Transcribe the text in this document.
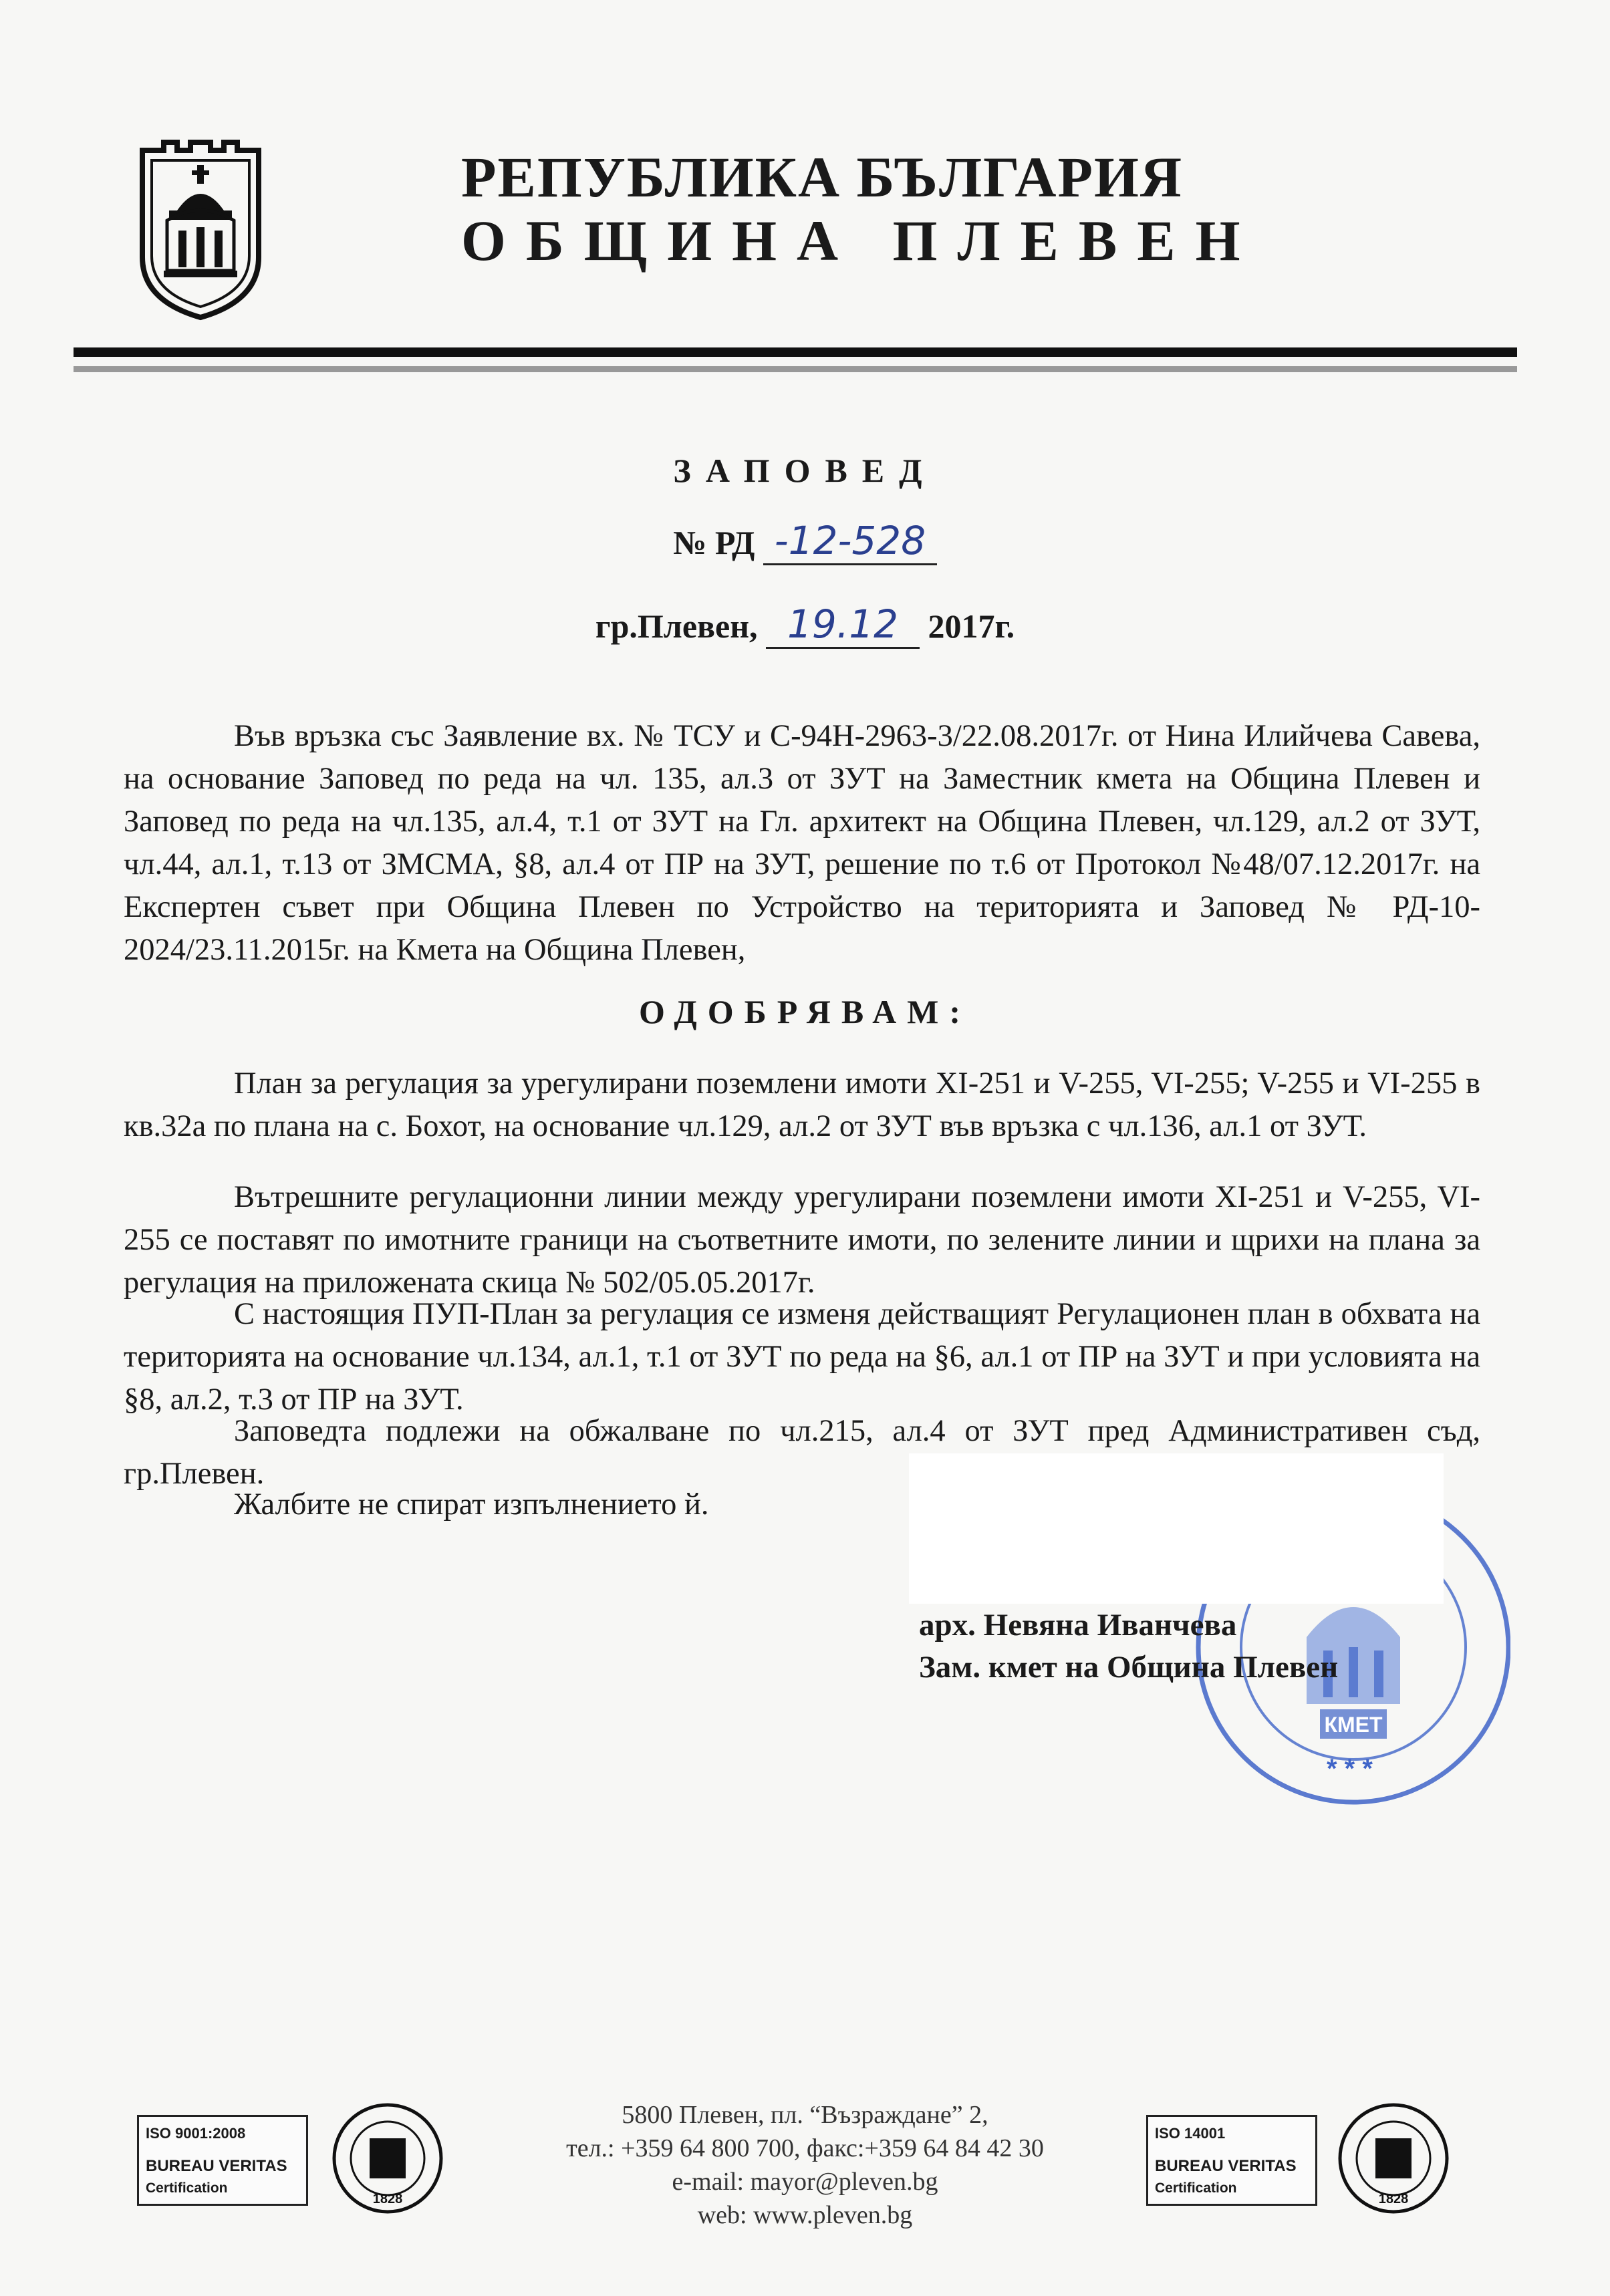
РЕПУБЛИКА БЪЛГАРИЯ
ОБЩИНА ПЛЕВЕН
ЗАПОВЕД
№ РД -12-528
гр.Плевен, 19.12 2017г.
Във връзка със Заявление вх. № ТСУ и С-94Н-2963-3/22.08.2017г. от Нина Илийчева Савева, на основание Заповед по реда на чл. 135, ал.3 от ЗУТ на Заместник кмета на Община Плевен и Заповед по реда на чл.135, ал.4, т.1 от ЗУТ на Гл. архитект на Община Плевен, чл.129, ал.2 от ЗУТ, чл.44, ал.1, т.13 от ЗМСМА, §8, ал.4 от ПР на ЗУТ, решение по т.6 от Протокол №48/07.12.2017г. на Експертен съвет при Община Плевен по Устройство на територията и Заповед № РД-10-2024/23.11.2015г. на Кмета на Община Плевен,
ОДОБРЯВАМ:
План за регулация за урегулирани поземлени имоти XI-251 и V-255, VI-255; V-255 и VI-255 в кв.32а по плана на с. Бохот, на основание чл.129, ал.2 от ЗУТ във връзка с чл.136, ал.1 от ЗУТ.
Вътрешните регулационни линии между урегулирани поземлени имоти XI-251 и V-255, VI-255 се поставят по имотните граници на съответните имоти, по зелените линии и щрихи на плана за регулация на приложената скица № 502/05.05.2017г.
С настоящия ПУП-План за регулация се изменя действащият Регулационен план в обхвата на територията на основание чл.134, ал.1, т.1 от ЗУТ по реда на §6, ал.1 от ПР на ЗУТ и при условията на §8, ал.2, т.3 от ПР на ЗУТ.
Заповедта подлежи на обжалване по чл.215, ал.4 от ЗУТ пред Административен съд, гр.Плевен.
Жалбите не спират изпълнението й.
КМЕТ
* * *
арх. Невяна Иванчева
Зам. кмет на Община Плевен
ISO 9001:2008
BUREAU VERITAS
Certification
1828
5800 Плевен, пл. “Възраждане” 2,
тел.: +359 64 800 700, факс:+359 64 84 42 30
e-mail: mayor@pleven.bg
web: www.pleven.bg
ISO 14001
BUREAU VERITAS
Certification
1828
